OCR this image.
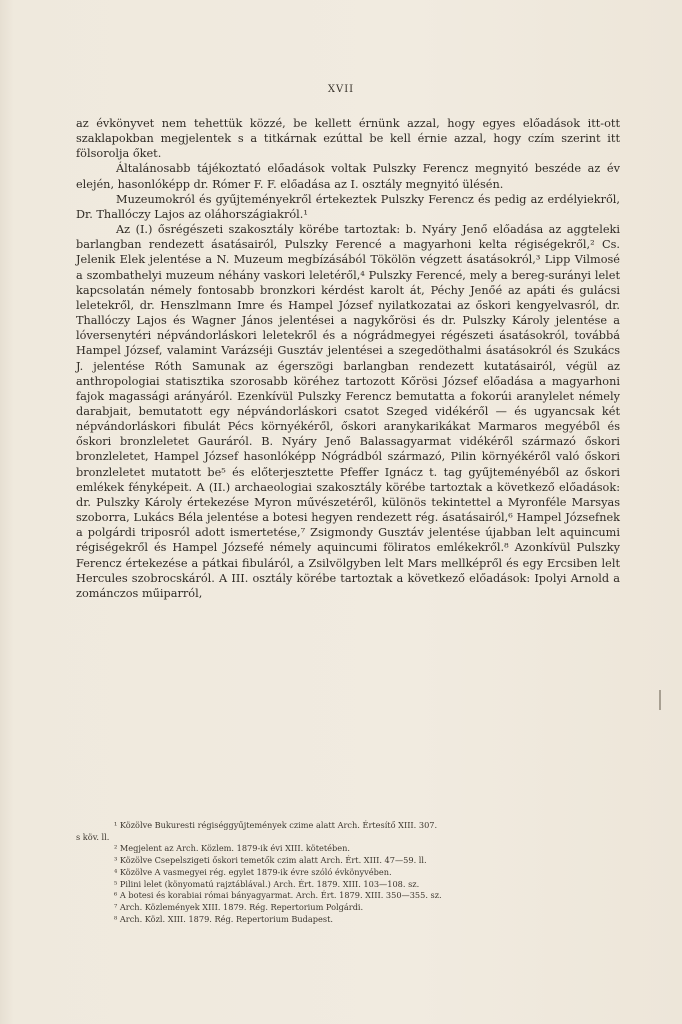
XVII

az évkönyvet nem tehettük közzé, be kellett érnünk azzal, hogy egyes előadások itt-ott szaklapokban megjelentek s a titkárnak ezúttal be kell érnie azzal, hogy czím szerint itt fölsorolja őket.

Általánosabb tájékoztató előadások voltak Pulszky Ferencz megnyitó beszéde az év elején, hasonlóképp dr. Rómer F. F. előadása az I. osztály megnyitó ülésén.

Muzeumokról és gyűjteményekről értekeztek Pulszky Ferencz és pedig az erdélyiekről, Dr. Thallóczy Lajos az oláhországiakról.¹

Az (I.) ősrégészeti szakosztály körébe tartoztak: b. Nyáry Jenő előadása az aggteleki barlangban rendezett ásatásairól, Pulszky Ferencé a magyarhoni kelta régiségekről,² Cs. Jelenik Elek jelentése a N. Muzeum megbízásából Tökölön végzett ásatásokról,³ Lipp Vilmosé a szombathelyi muzeum néhány vaskori leletéről,⁴ Pulszky Ferencé, mely a bereg-surányi lelet kapcsolatán némely fontosabb bronzkori kérdést karolt át, Péchy Jenőé az apáti és gulácsi leletekről, dr. Henszlmann Imre és Hampel József nyilatkozatai az őskori kengyelvasról, dr. Thallóczy Lajos és Wagner János jelentései a nagykőrösi és dr. Pulszky Károly jelentése a lóversenytéri népvándorláskori leletekről és a nógrádmegyei régészeti ásatásokról, továbbá Hampel József, valamint Varázséji Gusztáv jelentései a szegedöthalmi ásatásokról és Szukács J. jelentése Róth Samunak az égerszögi barlangban rendezett kutatásairól, végül az anthropologiai statisztika szorosabb köréhez tartozott Kőrösi József előadása a magyarhoni fajok magassági arányáról. Ezenkívül Pulszky Ferencz bemutatta a fokorúi aranylelet némely darabjait, bemutatott egy népvándorláskori csatot Szeged vidékéről — és ugyancsak két népvándorláskori fibulát Pécs környékéről, őskori aranykarikákat Marmaros megyéből és őskori bronzleletet Gauráról. B. Nyáry Jenő Balassagyarmat vidékéről származó őskori bronzleletet, Hampel József hasonlóképp Nógrádból származó, Pilin környékéről való őskori bronzleletet mutatott be⁵ és előterjesztette Pfeffer Ignácz t. tag gyűjteményéből az őskori emlékek fényképeit. A (II.) archaeologiai szakosztály körébe tartoztak a következő előadások: dr. Pulszky Károly értekezése Myron művészetéről, különös tekintettel a Myronféle Marsyas szoborra, Lukács Béla jelentése a botesi hegyen rendezett rég. ásatásairól,⁶ Hampel Józsefnek a polgárdi triposról adott ismertetése,⁷ Zsigmondy Gusztáv jelentése újabban lelt aquincumi régiségekről és Hampel Józsefé némely aquincumi föliratos emlékekről.⁸ Azonkívül Pulszky Ferencz értekezése a pátkai fibuláról, a Zsilvölgyben lelt Mars mellképről és egy Ercsiben lelt Hercules szobrocskáról. A III. osztály körébe tartoztak a következő előadások: Ipolyi Arnold a zománczos műiparról,

¹ Közölve Bukuresti régiséggyűjtemények czime alatt Arch. Értesítő XIII. 307.
s köv. ll.
² Megjelent az Arch. Közlem. 1879-ik évi XIII. kötetében.
³ Közölve Csepelszigeti őskori temetők czim alatt Arch. Ért. XIII. 47—59. ll.
⁴ Közölve A vasmegyei rég. egylet 1879-ik évre szóló évkönyvében.
⁵ Pilini lelet (könyomatú rajztáblával.) Arch. Ért. 1879. XIII. 103—108. sz.
⁶ A botesi és korabiai római bányagyarmat. Arch. Ért. 1879. XIII. 350—355. sz.
⁷ Arch. Közlemények XIII. 1879. Rég. Repertorium Polgárdi.
⁸ Arch. Közl. XIII. 1879. Rég. Repertorium Budapest.
